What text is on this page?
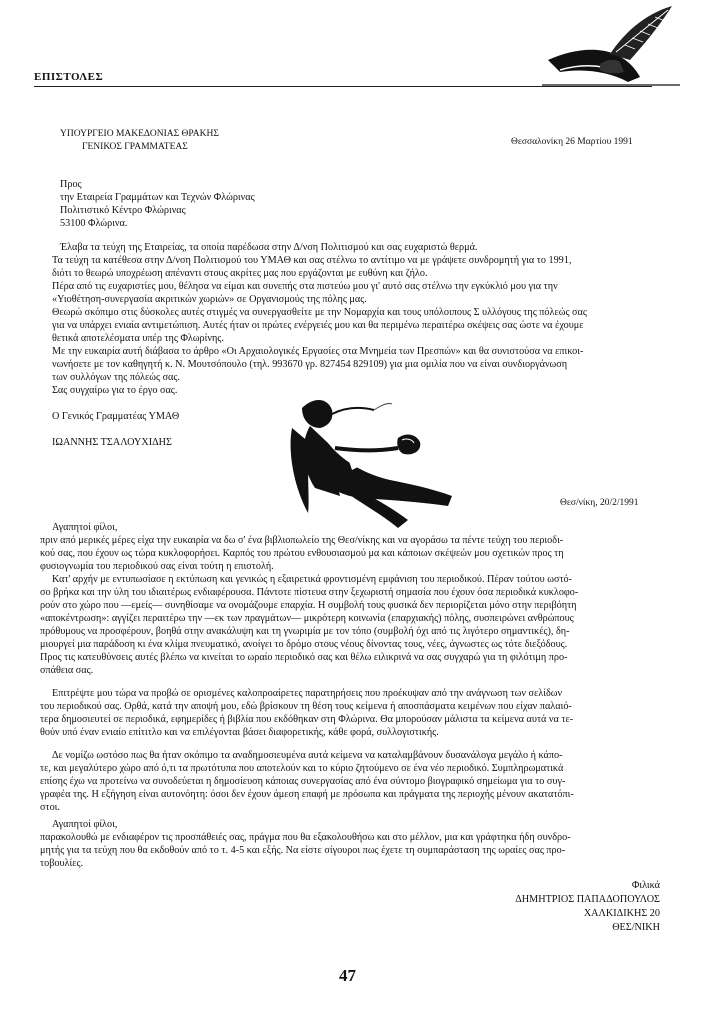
ΕΠΙΣΤΟΛΕΣ
ΥΠΟΥΡΓΕΙΟ ΜΑΚΕΔΟΝΙΑΣ ΘΡΑΚΗΣ
ΓΕΝΙΚΟΣ ΓΡΑΜΜΑΤΕΑΣ	Θεσσαλονίκη 26 Μαρτίου 1991
Προς
την Εταιρεία Γραμμάτων και Τεχνών Φλώρινας
Πολιτιστικό Κέντρο Φλώρινας
53100 Φλώρινα.
Έλαβα τα τεύχη της Εταιρείας, τα οποία παρέδωσα στην Δ/νση Πολιτισμού και σας ευχαριστώ θερμά.
Τα τεύχη τα κατέθεσα στην Δ/νση Πολιτισμού του ΥΜΑΘ και σας στέλνω το αντίτιμο να με γράψετε συνδρομητή για το 1991,
διότι το θεωρώ υποχρέωση απέναντι στους ακρίτες μας που εργάζονται με ευθύνη και ζήλο.
Πέρα από τις ευχαριστίες μου, θέλησα να είμαι και συνεπής στα πιστεύω μου γι' αυτό σας στέλνω την εγκύκλιό μου για την
«Υιοθέτηση-συνεργασία ακριτικών χωριών» σε Οργανισμούς της πόλης μας.
Θεωρώ σκόπιμο στις δύσκολες αυτές στιγμές να συνεργασθείτε με την Νομαρχία και τους υπόλοιπους Σ υλλόγους της πόλεώς σας
για να υπάρχει ενιαία αντιμετώπιση. Αυτές ήταν οι πρώτες ενέργειές μου και θα περιμένω περαιτέρω σκέψεις σας ώστε να έχουμε
θετικά αποτελέσματα υπέρ της Φλωρίνης.
Με την ευκαιρία αυτή διάβασα το άρθρο «Οι Αρχαιολογικές Εργασίες στα Μνημεία των Πρεσπών» και θα συνιστούσα να επικοι-
νωνήσετε με τον καθηγητή κ. Ν. Μουτσόπουλο (τηλ. 993670 γρ. 827454 829109) για μια ομιλία που να είναι συνδιοργάνωση
των συλλόγων της πόλεώς σας.
Σας συγχαίρω για το έργο σας.
Ο Γενικός Γραμματέας ΥΜΑΘ
ΙΩΑΝΝΗΣ ΤΣΑΛΟΥΧΙΔΗΣ
Θεσ/νίκη, 20/2/1991
Αγαπητοί φίλοι,
πριν από μερικές μέρες είχα την ευκαιρία να δω σ' ένα βιβλιοπωλείο της Θεσ/νίκης και να αγοράσω τα πέντε τεύχη του περιοδι-
κού σας, που έχουν ως τώρα κυκλοφορήσει. Καρπός του πρώτου ενθουσιασμού μα και κάποιων σκέψεών μου σχετικών προς τη
φυσιογνωμία του περιοδικού σας είναι τούτη η επιστολή.
Κατ' αρχήν με εντυπωσίασε η εκτύπωση και γενικώς η εξαιρετικά φροντισμένη εμφάνιση του περιοδικού. Πέραν τούτου ωστό-
σο βρήκα και την ύλη του ιδιαιτέρως ενδιαφέρουσα. Πάντοτε πίστευα στην ξεχωριστή σημασία που έχουν όσα περιοδικά κυκλοφο-
ρούν στο χώρο που —εμείς— συνηθίσαμε να ονομάζουμε επαρχία. Η συμβολή τους φυσικά δεν περιορίζεται μόνο στην περιβόητη
«αποκέντρωση»: αγγίζει περαιτέρω την —εκ των πραγμάτων— μικρότερη κοινωνία (επαρχιακής) πόλης, συσπειρώνει ανθρώπους
πρόθυμους να προσφέρουν, βοηθά στην ανακάλυψη και τη γνωριμία με τον τόπο (συμβολή όχι από τις λιγότερο σημαντικές), δη-
μιουργεί μια παράδοση κι ένα κλίμα πνευματικό, ανοίγει το δρόμο στους νέους δίνοντας τους, νέες, άγνωστες ως τότε διεξόδους.
Προς τις κατευθύνσεις αυτές βλέπω να κινείται το ωραίο περιοδικό σας και θέλω ειλικρινά να σας συγχαρώ για τη φιλότιμη προ-
σπάθεια σας.
Επιτρέψτε μου τώρα να προβώ σε ορισμένες καλοπροαίρετες παρατηρήσεις που προέκυψαν από την ανάγνωση των σελίδων
του περιοδικού σας. Ορθά, κατά την αποψή μου, εδώ βρίσκουν τη θέση τους κείμενα ή αποσπάσματα κειμένων που είχαν παλαιό-
τερα δημοσιευτεί σε περιοδικά, εφημερίδες ή βιβλία που εκδόθηκαν στη Φλώρινα. Θα μπορούσαν μάλιστα τα κείμενα αυτά να τε-
θούν υπό έναν ενιαίο επίτιτλο και να επιλέγονται βάσει διαφορετικής, κάθε φορά, συλλογιστικής.
Δε νομίζω ωστόσο πως θα ήταν σκόπιμο τα αναδημοσιευμένα αυτά κείμενα να καταλαμβάνουν δυσανάλογα μεγάλο ή κάπο-
τε, και μεγαλύτερο χώρο από ό,τι τα πρωτότυπα που αποτελούν και το κύριο ζητούμενο σε ένα νέο περιοδικό. Συμπληρωματικά
επίσης έχω να προτείνω να συνοδεύεται η δημοσίευση κάποιας συνεργασίας από ένα σύντομο βιογραφικό σημείωμα για το συγ-
γραφέα της. Η εξήγηση είναι αυτονόητη: όσοι δεν έχουν άμεση επαφή με πρόσωπα και πράγματα της περιοχής μένουν ακατατόπι-
στοι.
Αγαπητοί φίλοι,
παρακολουθώ με ενδιαφέρον τις προσπάθειές σας, πράγμα που θα εξακολουθήσω και στο μέλλον, μια και γράφτηκα ήδη συνδρο-
μητής για τα τεύχη που θα εκδοθούν από το τ. 4-5 και εξής. Να είστε σίγουροι πως έχετε τη συμπαράσταση της ωραίες σας προ-
τοβουλίες.
Φιλικά
ΔΗΜΗΤΡΙΟΣ ΠΑΠΑΔΟΠΟΥΛΟΣ
ΧΑΛΚΙΔΙΚΗΣ 20
ΘΕΣ/ΝΙΚΗ
47
